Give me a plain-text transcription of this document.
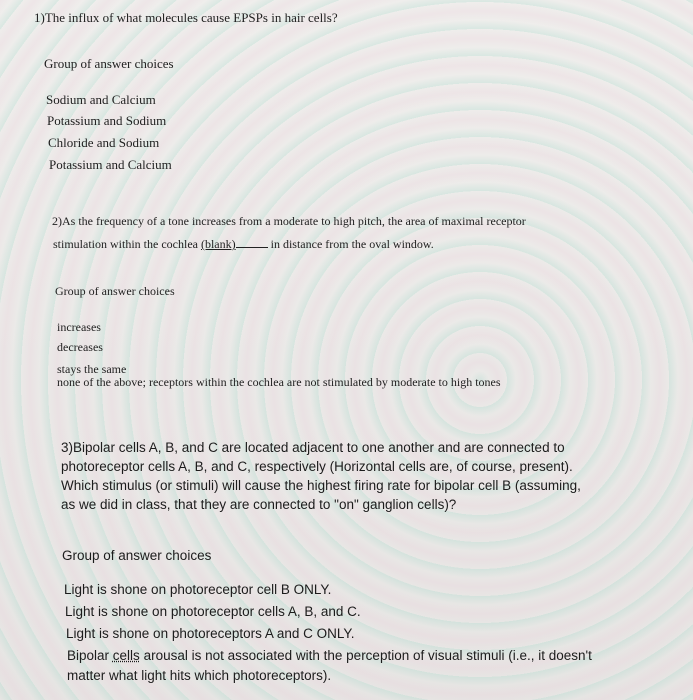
1)The influx of what molecules cause EPSPs in hair cells?
Group of answer choices
Sodium and Calcium
Potassium and Sodium
Chloride and Sodium
Potassium and Calcium
2)As the frequency of a tone increases from a moderate to high pitch, the area of maximal receptor
stimulation within the cochlea (blank)	in distance from the oval window.
Group of answer choices
increases
decreases
stays the same
none of the above; receptors within the cochlea are not stimulated by moderate to high tones
3)Bipolar cells A, B, and C are located adjacent to one another and are connected to
photoreceptor cells A, B, and C, respectively (Horizontal cells are, of course, present).
Which stimulus (or stimuli) will cause the highest firing rate for bipolar cell B (assuming,
as we did in class, that they are connected to "on" ganglion cells)?
Group of answer choices
Light is shone on photoreceptor cell B ONLY.
Light is shone on photoreceptor cells A, B, and C.
Light is shone on photoreceptors A and C ONLY.
Bipolar cells arousal is not associated with the perception of visual stimuli (i.e., it doesn't
matter what light hits which photoreceptors).
